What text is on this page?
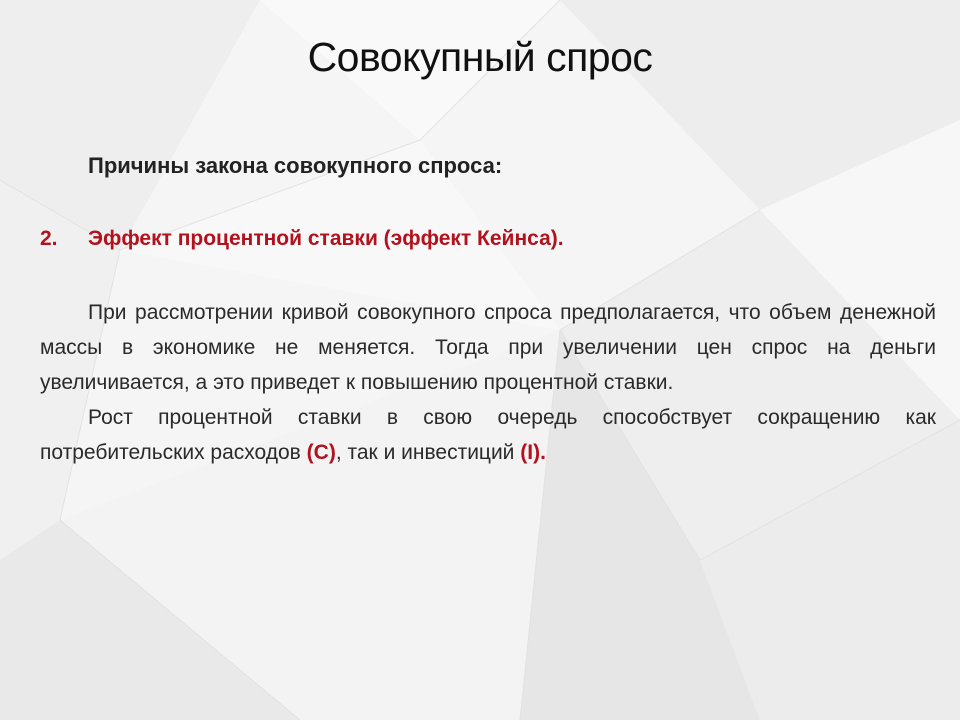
Совокупный спрос
Причины закона совокупного спроса:
2. Эффект процентной ставки (эффект Кейнса).

При рассмотрении кривой совокупного спроса предполагается, что объем денежной массы в экономике не меняется. Тогда при увеличении цен спрос на деньги увеличивается, а это приведет к повышению процентной ставки.

Рост процентной ставки в свою очередь способствует сокращению как потребительских расходов (С), так и инвестиций (I).
